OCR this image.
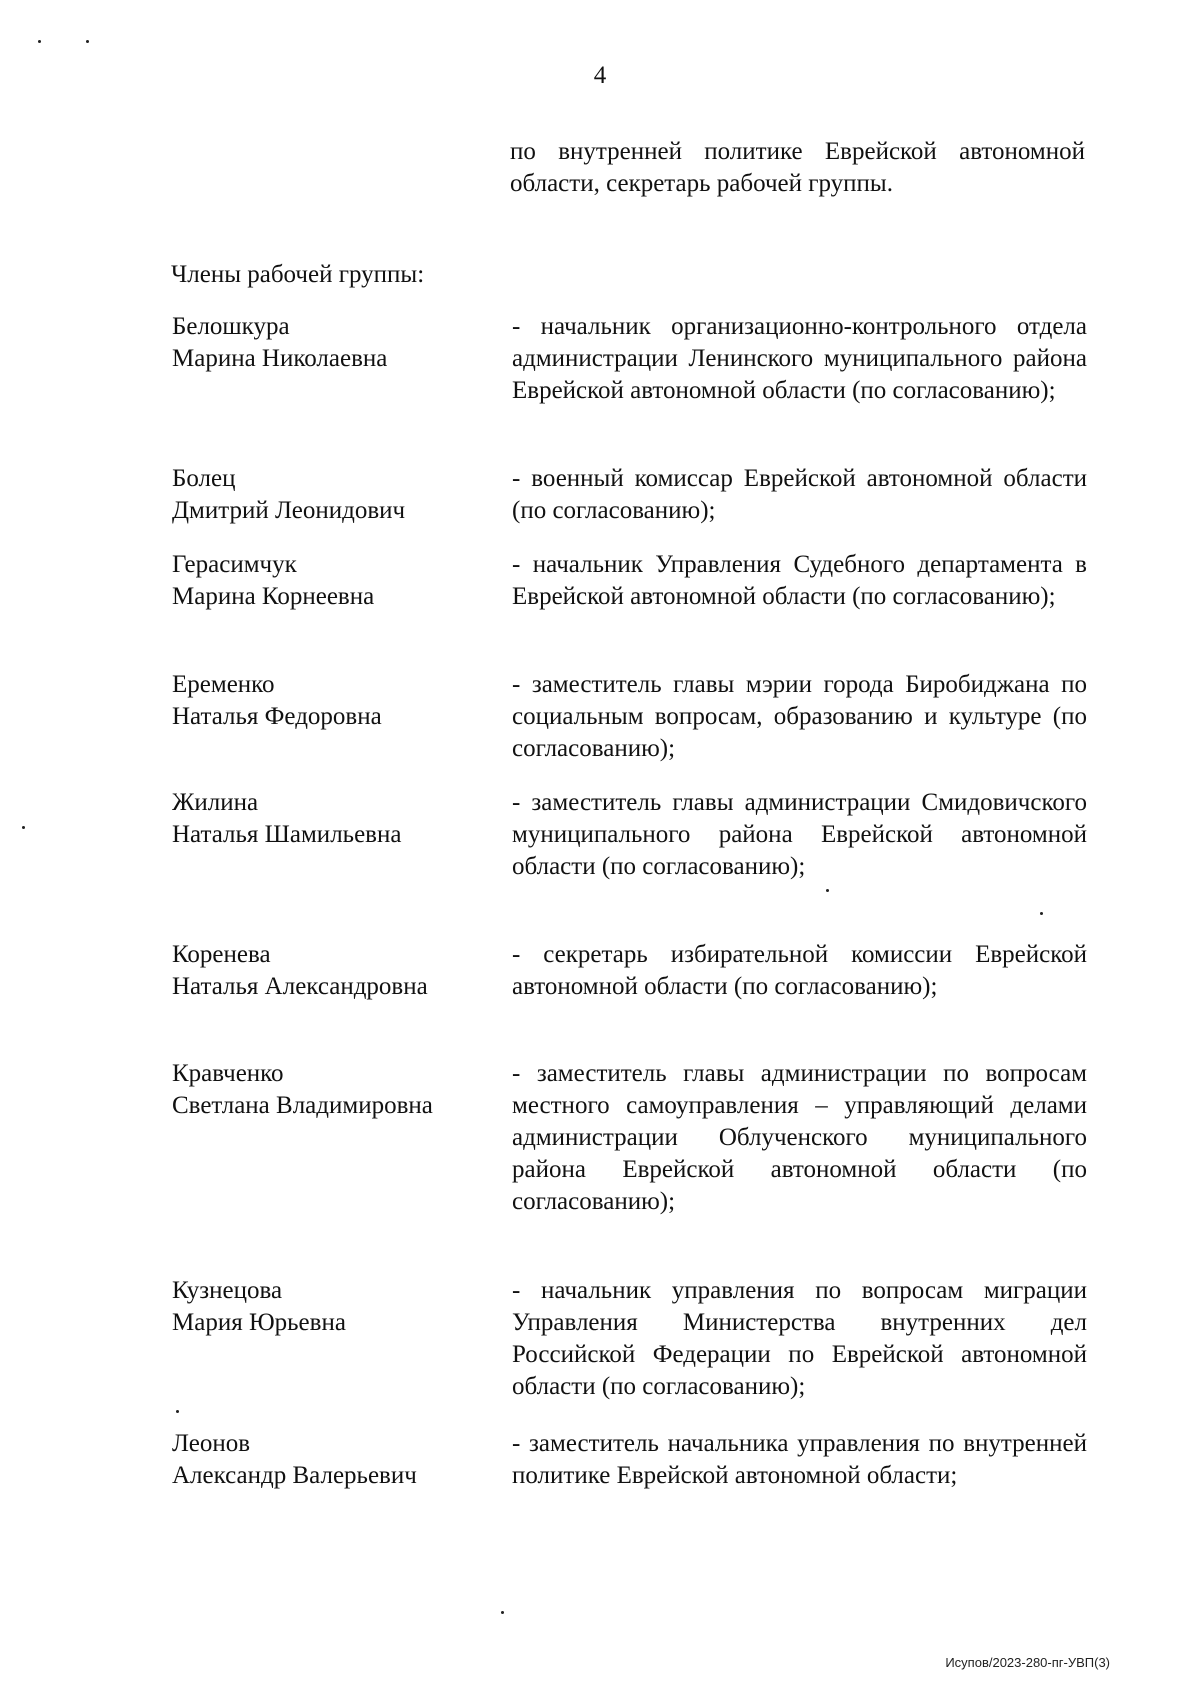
4
по внутренней политике Еврейской автономной области, секретарь рабочей группы.
Члены рабочей группы:
Белошкура
Марина Николаевна
- начальник организационно-контрольного отдела администрации Ленинского муниципального района Еврейской автономной области (по согласованию);
Болец
Дмитрий Леонидович
- военный комиссар Еврейской автономной области (по согласованию);
Герасимчук
Марина Корнеевна
- начальник Управления Судебного департамента в Еврейской автономной области (по согласованию);
Еременко
Наталья Федоровна
- заместитель главы мэрии города Биробиджана по социальным вопросам, образованию и культуре (по согласованию);
Жилина
Наталья Шамильевна
- заместитель главы администрации Смидовичского муниципального района Еврейской автономной области (по согласованию);
Коренева
Наталья Александровна
- секретарь избирательной комиссии Еврейской автономной области (по согласованию);
Кравченко
Светлана Владимировна
- заместитель главы администрации по вопросам местного самоуправления – управляющий делами администрации Облученского муниципального района Еврейской автономной области (по согласованию);
Кузнецова
Мария Юрьевна
- начальник управления по вопросам миграции Управления Министерства внутренних дел Российской Федерации по Еврейской автономной области (по согласованию);
Леонов
Александр Валерьевич
- заместитель начальника управления по внутренней политике Еврейской автономной области;
Исупов/2023-280-пг-УВП(3)
